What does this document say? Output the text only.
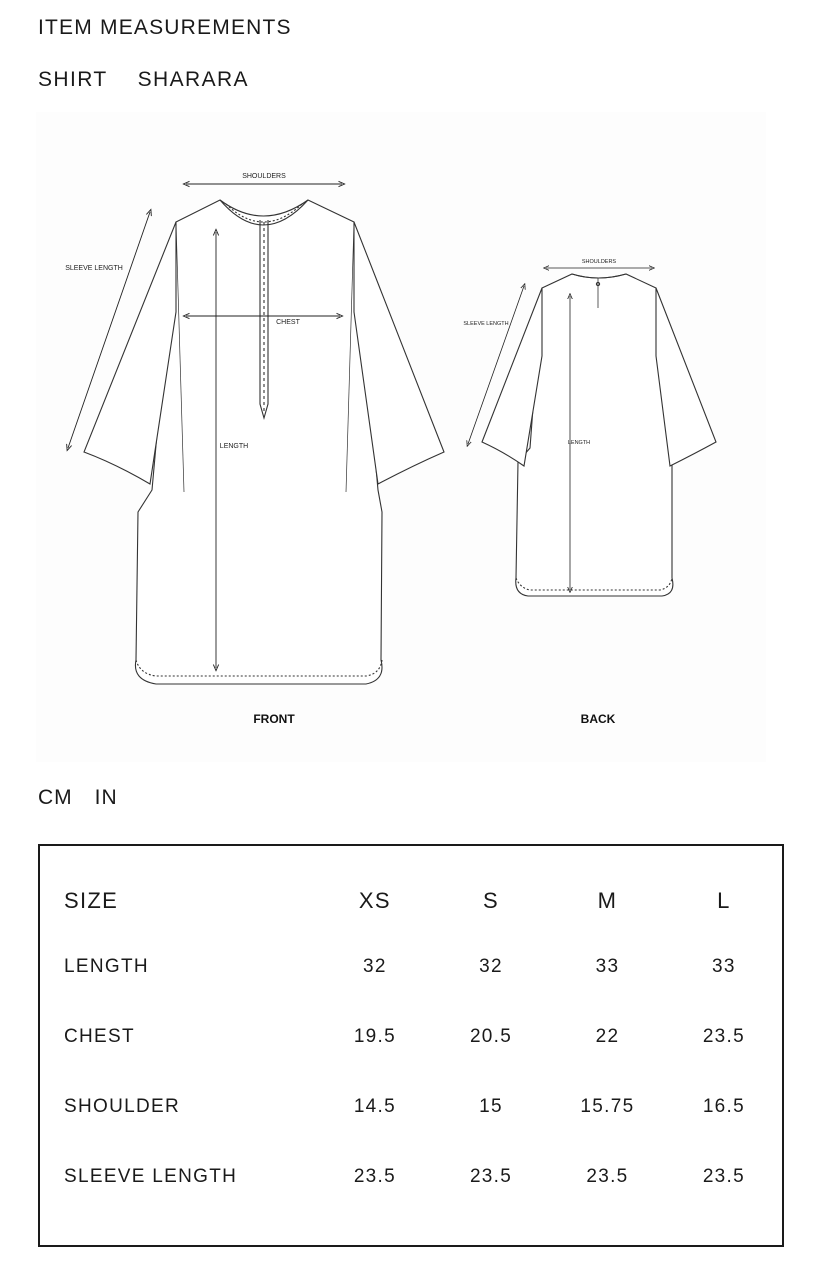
ITEM MEASUREMENTS
SHIRT SHARARA
SHOULDERS
CHEST
LENGTH
SLEEVE LENGTH
FRONT
SHOULDERS
LENGTH
SLEEVE LENGTH
BACK
CM IN
SIZE	XS	S	M	L
LENGTH	32	32	33	33
CHEST	19.5	20.5	22	23.5
SHOULDER	14.5	15	15.75	16.5
SLEEVE LENGTH	23.5	23.5	23.5	23.5
